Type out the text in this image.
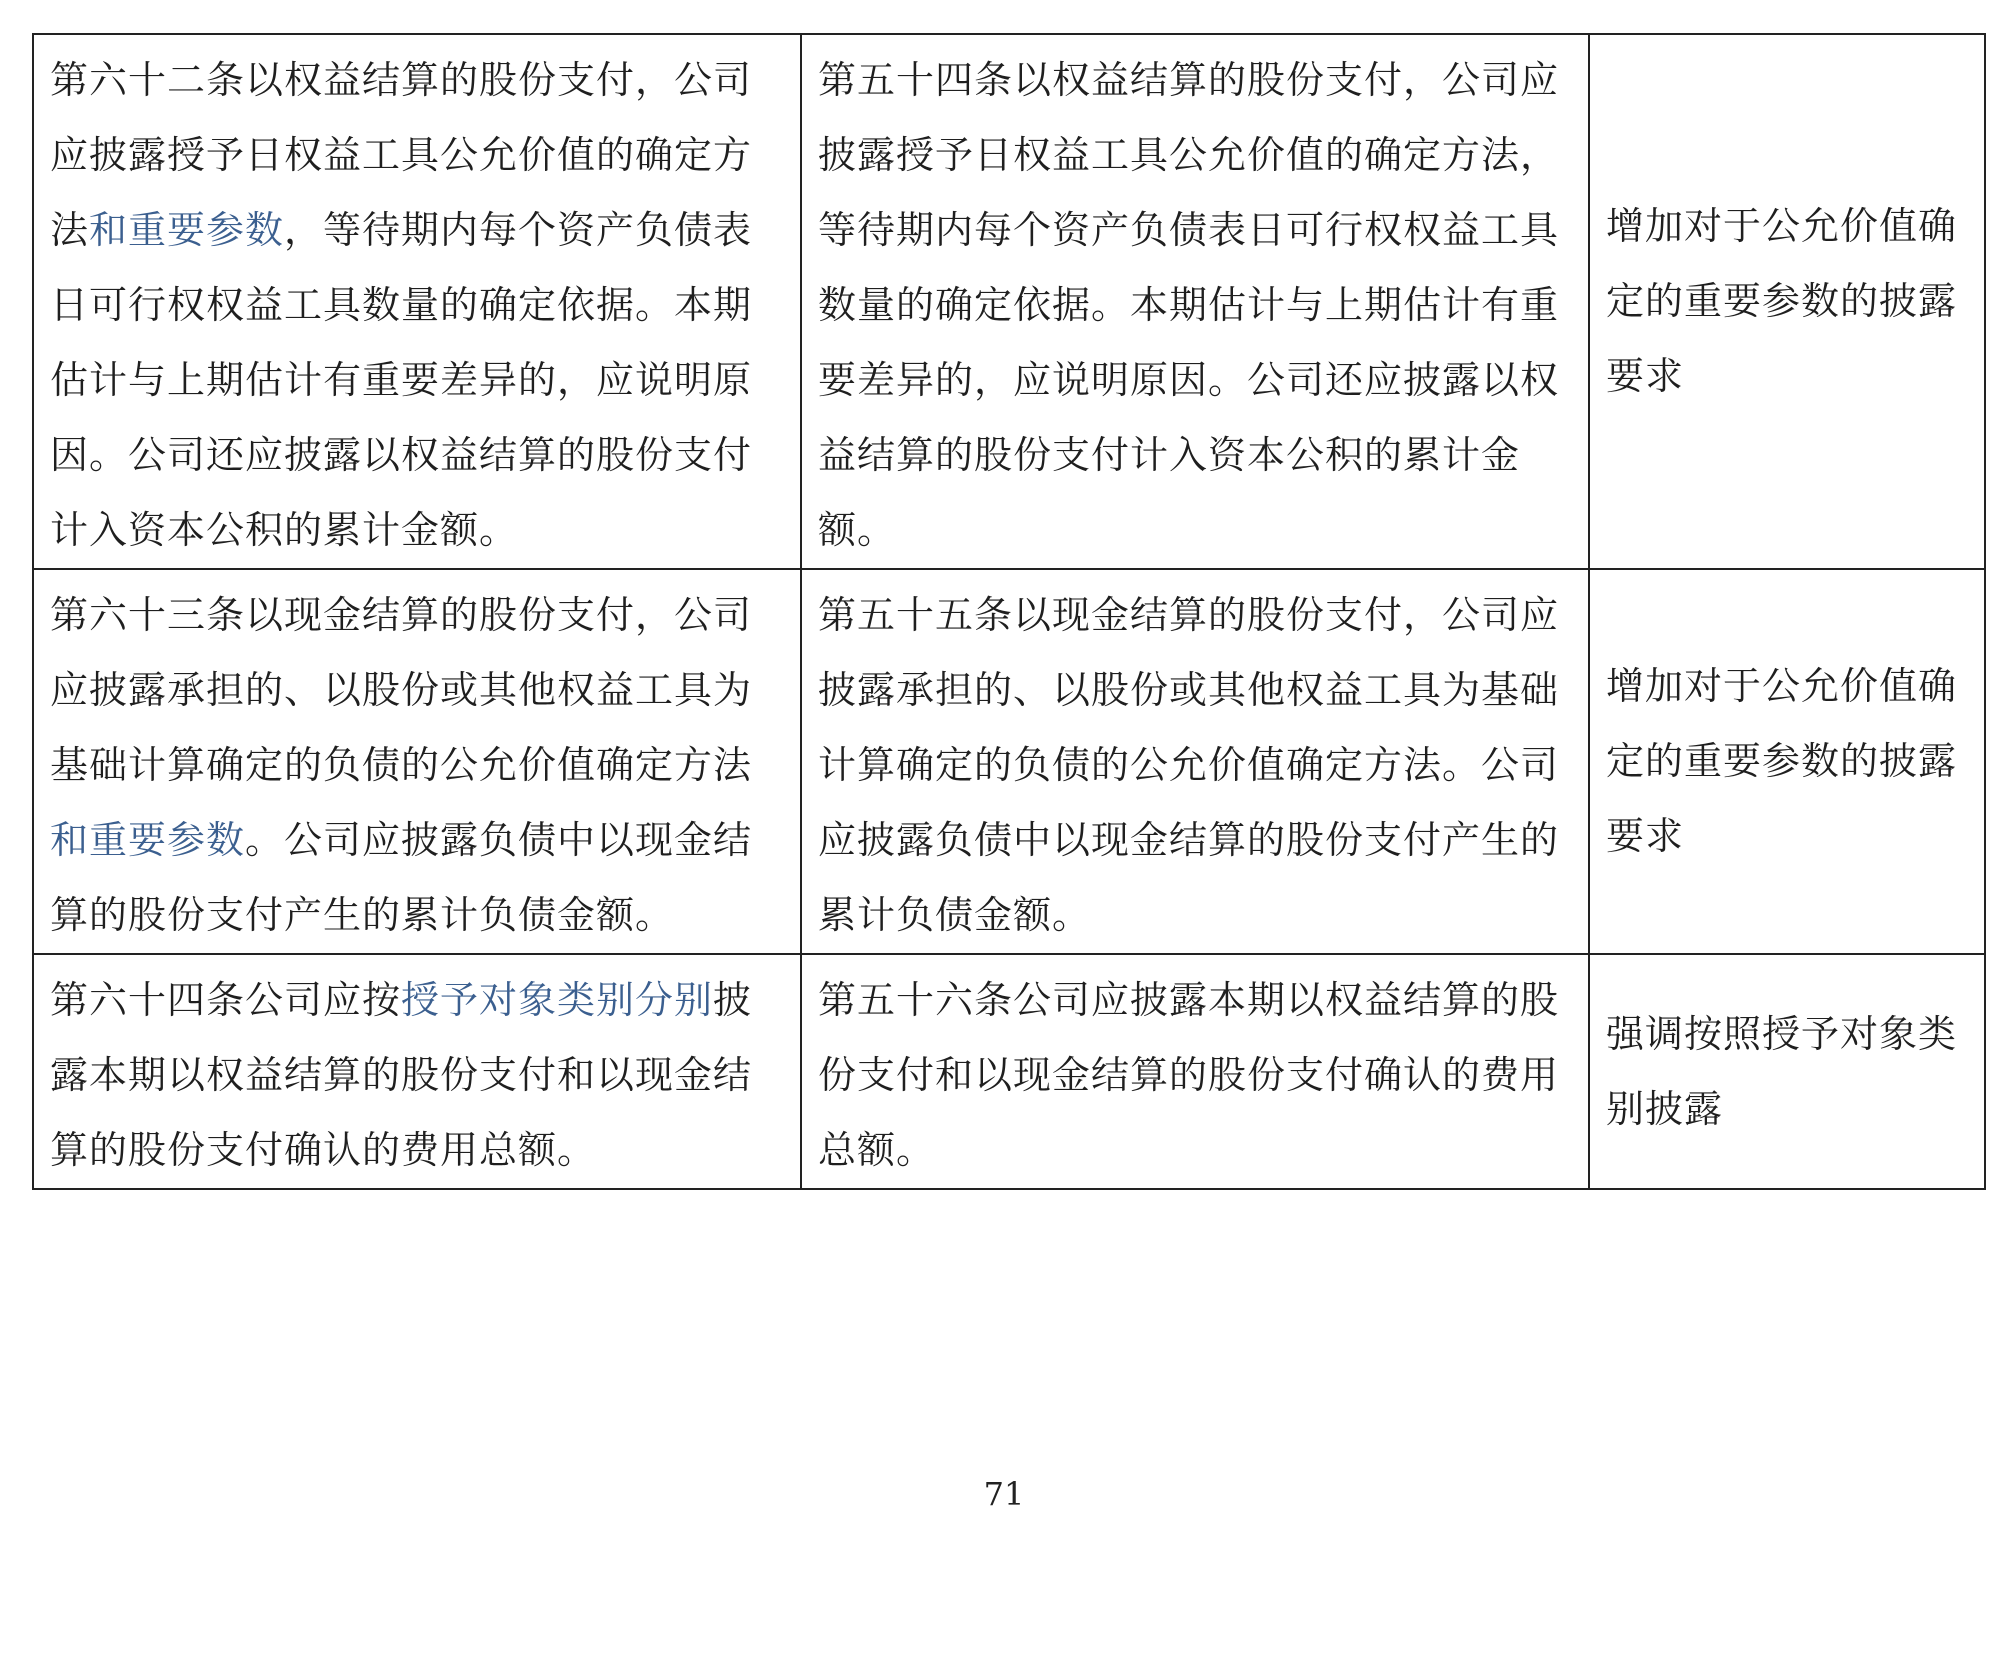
第六十二条以权益结算的股份支付，公司应披露授予日权益工具公允价值的确定方法和重要参数，等待期内每个资产负债表日可行权权益工具数量的确定依据。本期估计与上期估计有重要差异的，应说明原因。公司还应披露以权益结算的股份支付计入资本公积的累计金额。	第五十四条以权益结算的股份支付，公司应披露授予日权益工具公允价值的确定方法，等待期内每个资产负债表日可行权权益工具数量的确定依据。本期估计与上期估计有重要差异的，应说明原因。公司还应披露以权益结算的股份支付计入资本公积的累计金额。	增加对于公允价值确定的重要参数的披露要求
第六十三条以现金结算的股份支付，公司应披露承担的、以股份或其他权益工具为基础计算确定的负债的公允价值确定方法和重要参数。公司应披露负债中以现金结算的股份支付产生的累计负债金额。	第五十五条以现金结算的股份支付，公司应披露承担的、以股份或其他权益工具为基础计算确定的负债的公允价值确定方法。公司应披露负债中以现金结算的股份支付产生的累计负债金额。	增加对于公允价值确定的重要参数的披露要求
第六十四条公司应按授予对象类别分别披露本期以权益结算的股份支付和以现金结算的股份支付确认的费用总额。	第五十六条公司应披露本期以权益结算的股份支付和以现金结算的股份支付确认的费用总额。	强调按照授予对象类别披露
71
